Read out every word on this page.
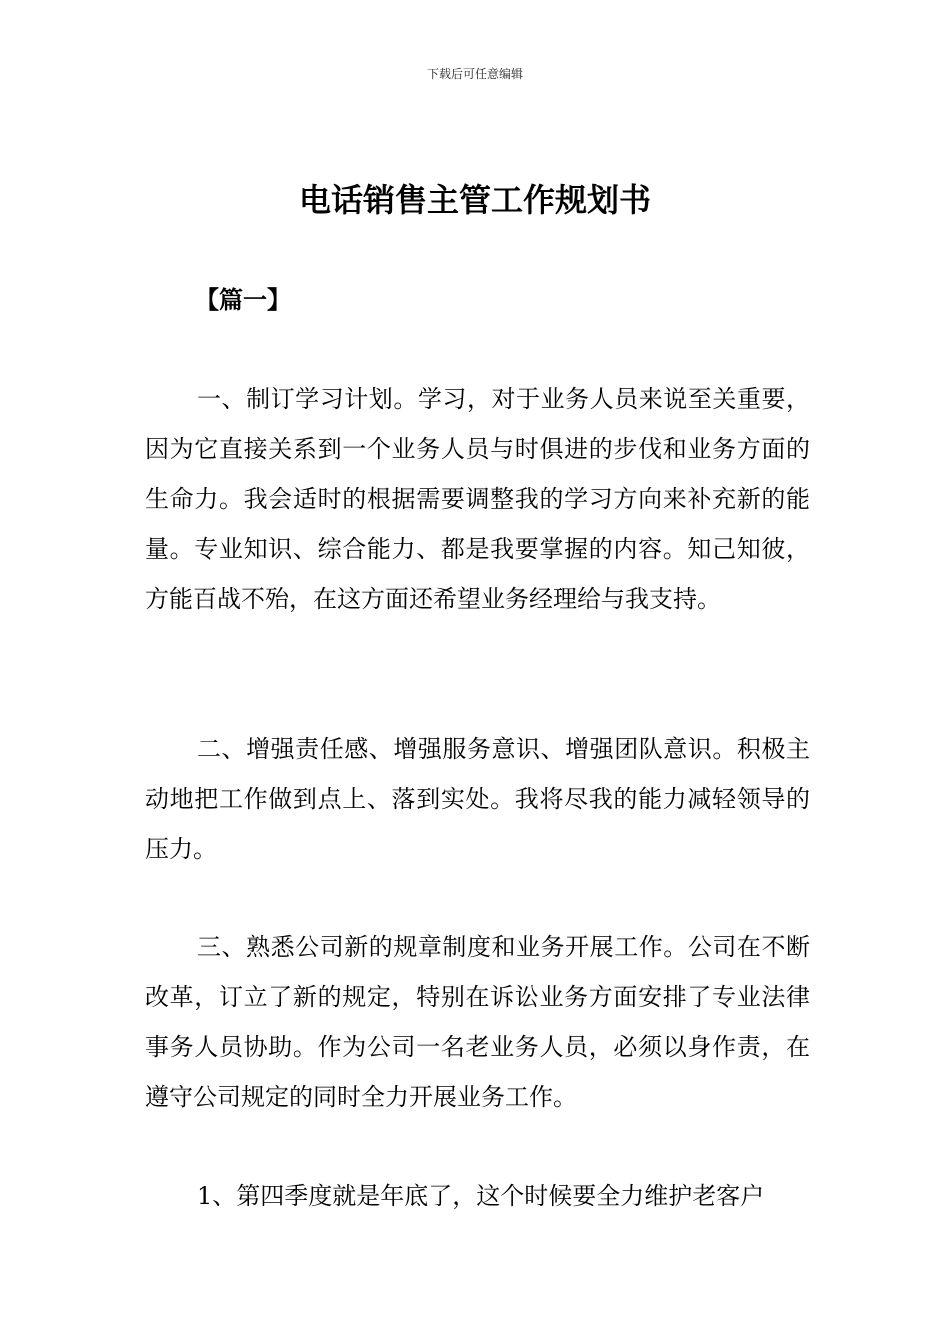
下载后可任意编辑
电话销售主管工作规划书
【篇一】

一、制订学习计划。学习，对于业务人员来说至关重要，因为它直接关系到一个业务人员与时俱进的步伐和业务方面的生命力。我会适时的根据需要调整我的学习方向来补充新的能量。专业知识、综合能力、都是我要掌握的内容。知己知彼，方能百战不殆，在这方面还希望业务经理给与我支持。

二、增强责任感、增强服务意识、增强团队意识。积极主动地把工作做到点上、落到实处。我将尽我的能力减轻领导的压力。

三、熟悉公司新的规章制度和业务开展工作。公司在不断改革，订立了新的规定，特别在诉讼业务方面安排了专业法律事务人员协助。作为公司一名老业务人员，必须以身作责，在遵守公司规定的同时全力开展业务工作。

1、第四季度就是年底了，这个时候要全力维护老客户
